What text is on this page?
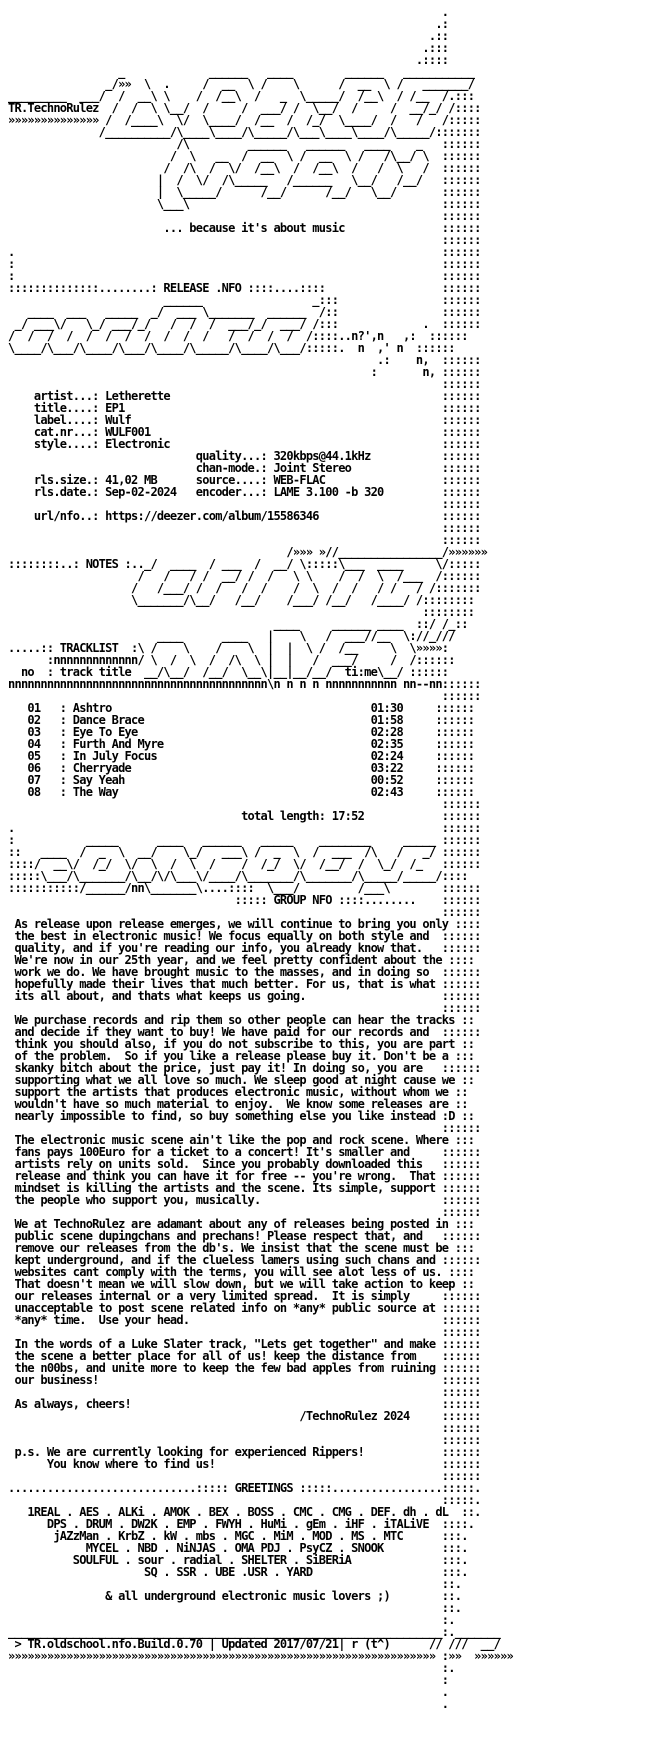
.
.:
.::
.:::
.::::
_             ______   ____        ______   ___________
_/»»  \  .     /  __  \ /    \      /  __  \ /   _______/
_________  ___/  /  __\ \    /  /__\  /   _  \_____/  /__\  / /__  /.:::
TR.TechnoRulez  /  /  \ \__/  /     /  ___/ /  \__/  /     /  __/_/ /::::
»»»»»»»»»»»»»» /  /____\  \/  \____/  /__  /  /_/  \____/  /   /   /:::::
/__________/\____\____/\_____/\___\____\____/\_____/:::::::
/\         ______   ______   ____    _   ::::::
/  \   __  /  __  \ /  __  \ /   /\__/ \  ::::::
/  /\  /  \/  /__\  /  /__\  /   /  \   /  ::::::
|  /  \/  /\_____   /______   \__/   /__/   ::::::
|  \_____/      /__/      /__/   \__/       ::::::
\___\                                       ::::::
::::::
... because it's about music               ::::::
::::::
.                                                                  ::::::
:                                                                  ::::::
:                                                                  ::::::
::::::::::::::........: RELEASE .NFO ::::....::::                  ::::::
______                 _:::                ::::::
____  ___   _____  _/  ___ \_______  ______  /::                ::::::
_/ ___\/   \_/ ___/_/   /  /  /  ___/_/  ___/ /:::             .  ::::::
/  /  /  /  /  /  /  /  /  /  /   /  /  /  /  /::::..n?',n   ,:  ::::::
\____/\___/\____/\___/\____/\_____/\____/\___/:::::.  n  ,' n  ::::::
.:    n,  ::::::
:       n, ::::::
::::::
artist...: Letherette                                          ::::::
title....: EP1                                                 ::::::
label....: Wulf                                                ::::::
cat.nr...: WULF001                                             ::::::
style....: Electronic                                          ::::::
quality...: 320kbps@44.1kHz           ::::::
chan-mode.: Joint Stereo              ::::::
rls.size.: 41,02 MB      source....: WEB-FLAC                  ::::::
rls.date.: Sep-02-2024   encoder...: LAME 3.100 -b 320         ::::::
::::::
url/nfo..: https://deezer.com/album/15586346                   ::::::
::::::
::::::
/»»» »//________________/»»»»»»
::::::::..: NOTES :.._/  ____  / ___  /  __/ \:::::\___  ____     \/:::::
/   /   / /  __/ /  /   \ \    /  /  \  /___  /::::::
/   /___/ /  /   /  /    /  \  /  /   / /   / /:::::::
\_______/\__/   /__/    /___/ /__/   /____/ /::::::::
::::::::
____     ______ ____  ::/ /_::
____      ____   |    \   /  ___//__  \://_///
.....:: TRACKLIST  :\ /    \    /    \  |  |  \ /  /__     \  \»»»»:
:nnnnnnnnnnnnn/ \  /  \  /  /\  \ |  |   /  ___/     /  /::::::
no  : track title  __/\__/  /__/  \__\|__|__/__/  ti:me\__/ ::::::
nnnnnnnnnnnnnnnnnnnnnnnnnnnnnnnnnnnnnnnn\n n n n nnnnnnnnnnn nn--nn::::::
::::::
01   : Ashtro                                        01:30     ::::::
02   : Dance Brace                                   01:58     ::::::
03   : Eye To Eye                                    02:28     ::::::
04   : Furth And Myre                                02:35     ::::::
05   : In July Focus                                 02:24     ::::::
06   : Cherryade                                     03:22     ::::::
07   : Say Yeah                                      00:52     ::::::
08   : The Way                                       02:43     ::::::
::::::
total length: 17:52            ::::::
.                                                                  ::::::
:           _____      ____   ______   _____    ________     _____ ::::::
::   ____  /  _  \  __/    \_/   ___\ /  _  \  /  ___  /\   /   _/ ::::::
::::/  __\/  /_/  \/  \  /  \  /    /  /_/  \/  /__/  /  \_/  /_   ::::::
:::::\___/\_______/\__/\/\___\/____/\_______/\_______/\_____/_____/::::
:::::::::::/______/nn\_______\....::::  \___/         /___\        ::::::
::::: GROUP NFO ::::........    ::::::
::::::
As release upon release emerges, we will continue to bring you only ::::
the best in electronic music! We focus equally on both style and  ::::::
quality, and if you're reading our info, you already know that.   ::::::
We're now in our 25th year, and we feel pretty confident about the ::::
work we do. We have brought music to the masses, and in doing so  ::::::
hopefully made their lives that much better. For us, that is what ::::::
its all about, and thats what keeps us going.                     ::::::
::::::
We purchase records and rip them so other people can hear the tracks ::
and decide if they want to buy! We have paid for our records and  ::::::
think you should also, if you do not subscribe to this, you are part ::
of the problem.  So if you like a release please buy it. Don't be a :::
skanky bitch about the price, just pay it! In doing so, you are   ::::::
supporting what we all love so much. We sleep good at night cause we ::
support the artists that produces electronic music, without whom we ::
wouldn't have so much material to enjoy.  We know some releases are ::
nearly impossible to find, so buy something else you like instead :D ::
::::::
The electronic music scene ain't like the pop and rock scene. Where :::
fans pays 100Euro for a ticket to a concert! It's smaller and     ::::::
artists rely on units sold.  Since you probably downloaded this   ::::::
release and think you can have it for free -- you're wrong.  That ::::::
mindset is killing the artists and the scene. Its simple, support ::::::
the people who support you, musically.                            ::::::
::::::
We at TechnoRulez are adamant about any of releases being posted in :::
public scene dupingchans and prechans! Please respect that, and   ::::::
remove our releases from the db's. We insist that the scene must be :::
kept underground, and if the clueless lamers using such chans and ::::::
websites cant comply with the terms, you will see alot less of us. ::::
That doesn't mean we will slow down, but we will take action to keep ::
our releases internal or a very limited spread.  It is simply     ::::::
unacceptable to post scene related info on *any* public source at ::::::
*any* time.  Use your head.                                       ::::::
::::::
In the words of a Luke Slater track, "Lets get together" and make ::::::
the scene a better place for all of us! keep the distance from    ::::::
the n00bs, and unite more to keep the few bad apples from ruining ::::::
our business!                                                     ::::::
::::::
As always, cheers!                                                ::::::
/TechnoRulez 2024     ::::::
::::::
::::::
p.s. We are currently looking for experienced Rippers!            ::::::
You know where to find us!                                   ::::::
::::::
.............................::::: GREETINGS :::::.................:::::.
:::::.
1REAL . AES . ALKi . AMOK . BEX . BOSS . CMC . CMG . DEF. dh . dL  ::.
DPS . DRUM . DW2K . EMP . FWYH . HuMi . gEm . iHF . iTALiVE  ::::.
jAZzMan . KrbZ . kW . mbs . MGC . MiM . MOD . MS . MTC      :::.
MYCEL . NBD . NiNJAS . OMA PDJ . PsyCZ . SNOOK         :::.
SOULFUL . sour . radial . SHELTER . SiBERiA              :::.
SQ . SSR . UBE .USR . YARD                    :::.
::.
& all underground electronic music lovers ;)        ::.
::.
:.
___________________________________________________________________:._______
> TR.oldschool.nfo.Build.0.70 | Updated 2017/07/21| r (t^)      // ///  __/
»»»»»»»»»»»»»»»»»»»»»»»»»»»»»»»»»»»»»»»»»»»»»»»»»»»»»»»»»»»»»»»»»» :»»  »»»»»»
:.
:
.
.
